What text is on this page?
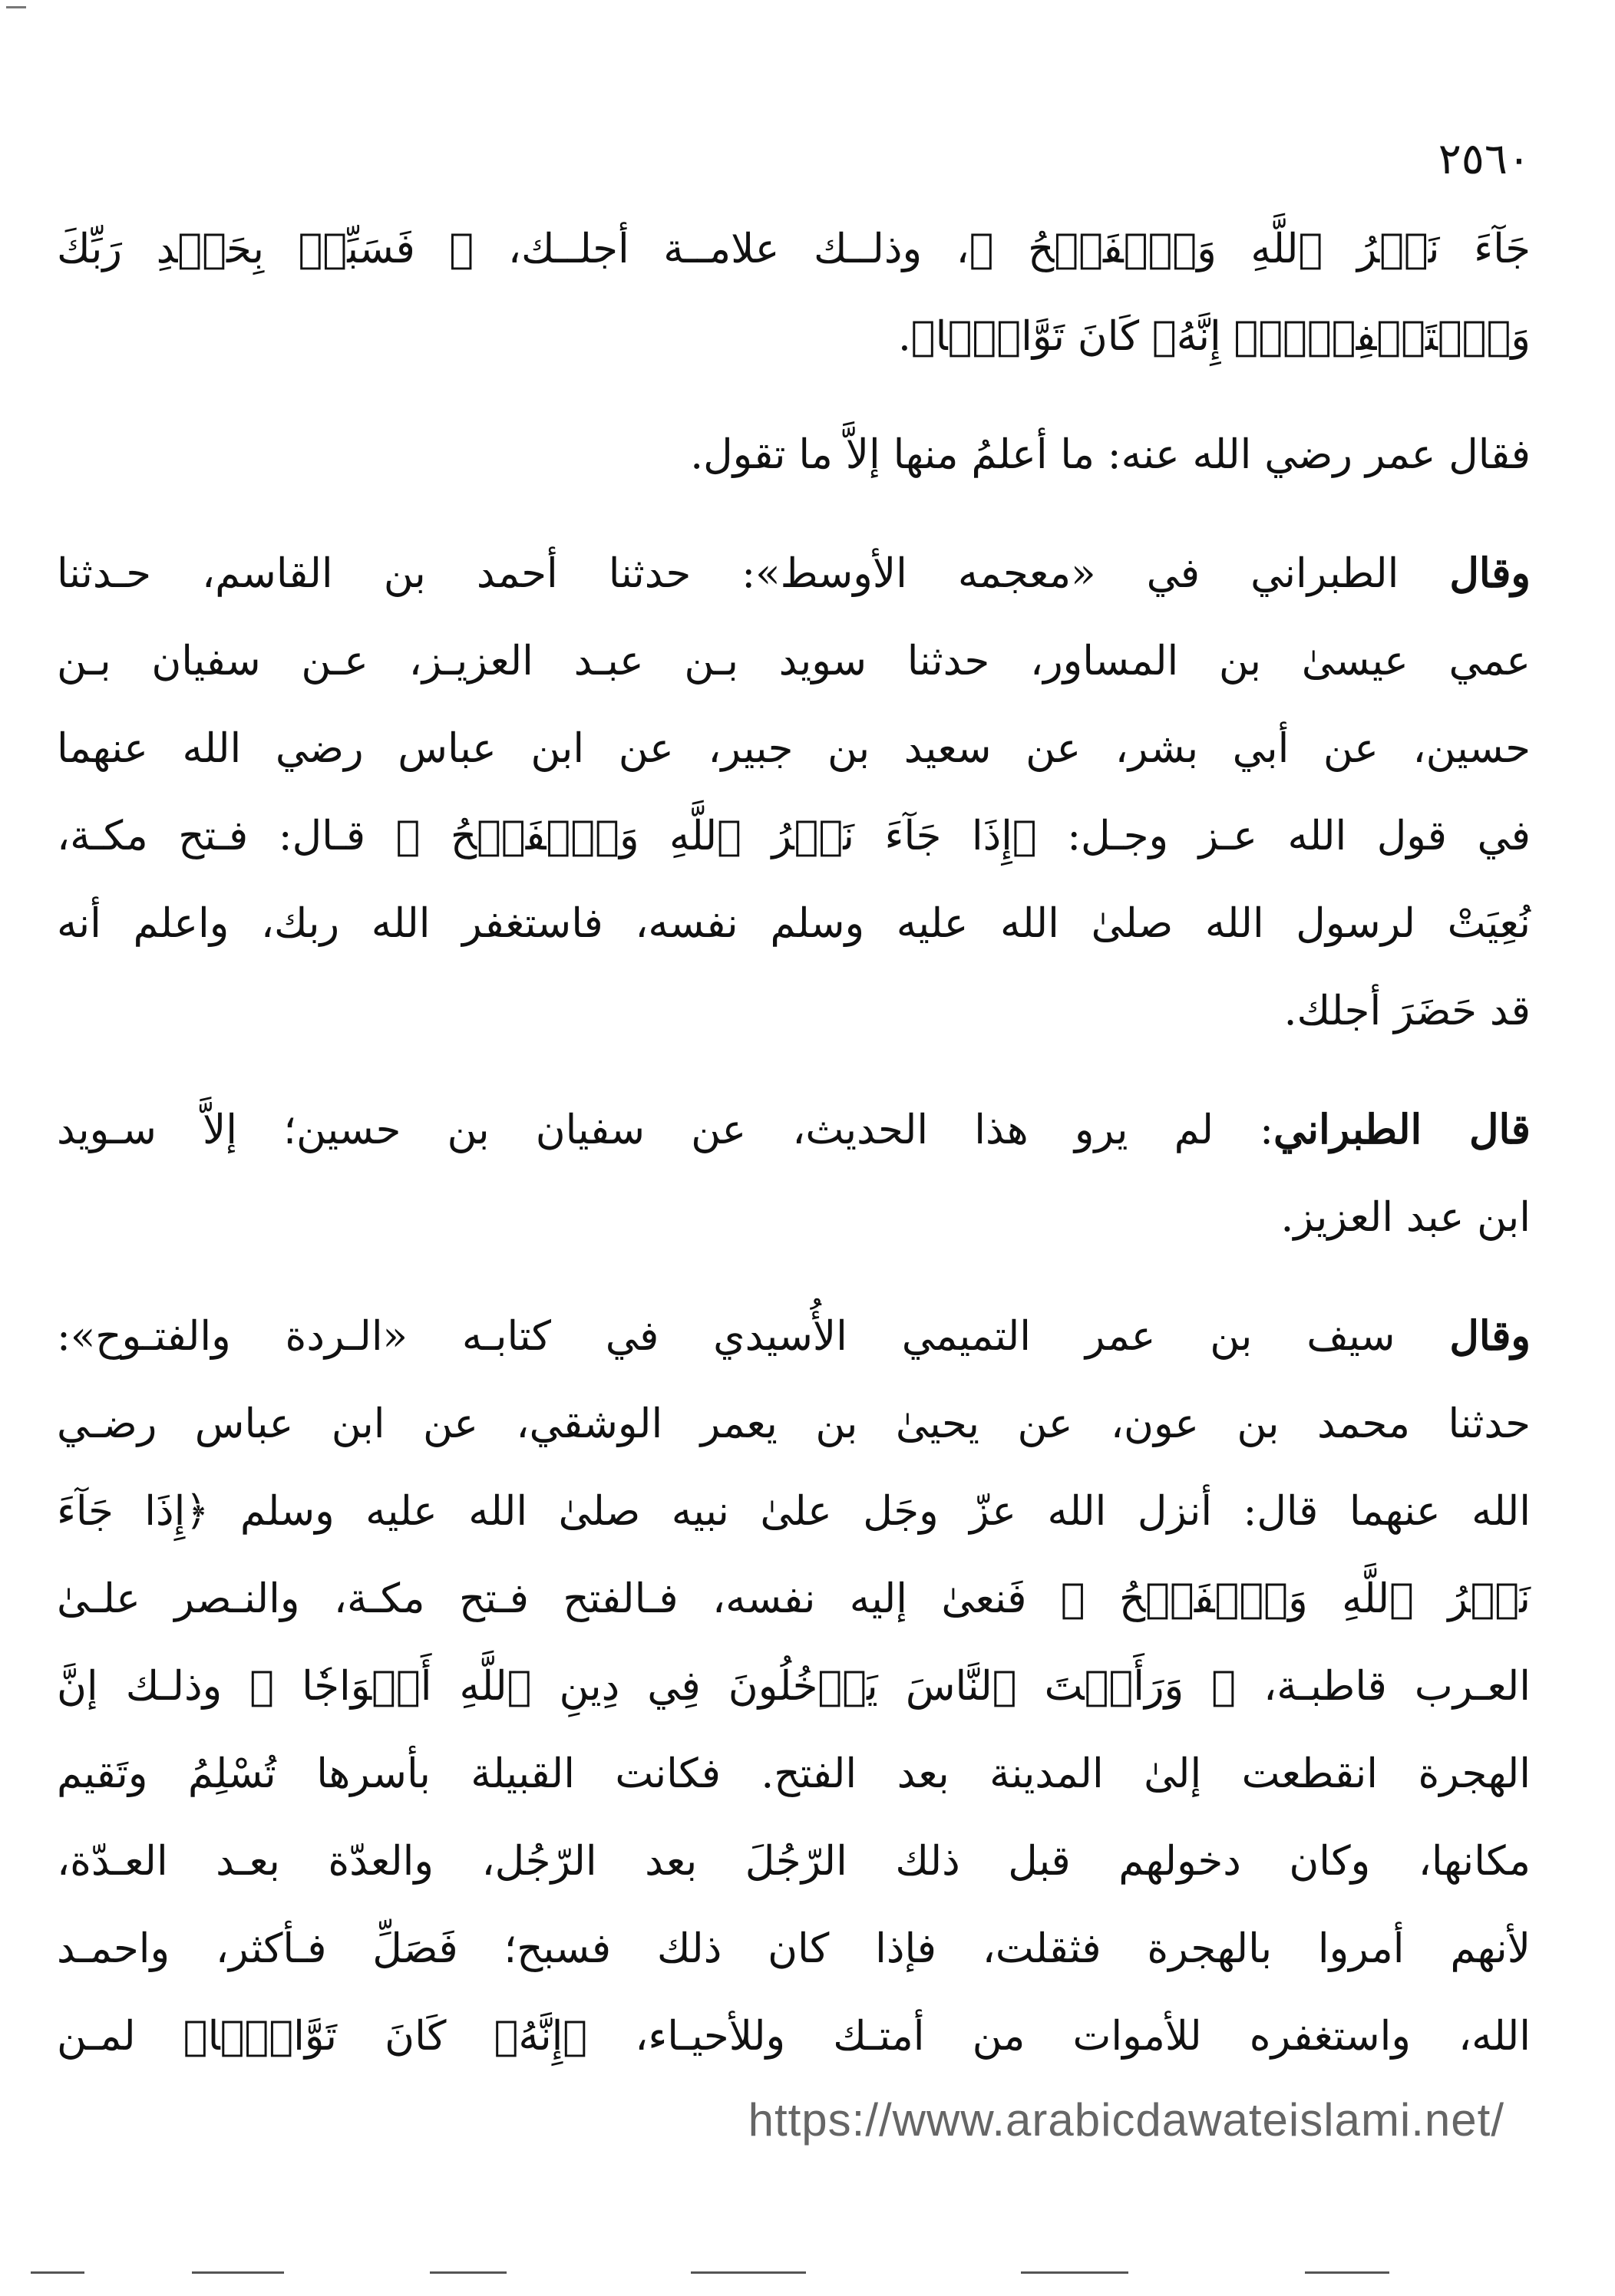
٢٥٦٠

جَآءَ نَصۡرُ ٱللَّهِ وَٱلۡفَتۡحُ ﴾، وذلــك علامــة أجلــك، ﴿ فَسَبِّحۡ بِحَمۡدِ رَبِّكَ
وَٱسۡتَغۡفِرۡهُۚ إِنَّهُۥ كَانَ تَوَّابَۢا﴾.

فقال عمر رضي الله عنه: ما أعلمُ منها إلاَّ ما تقول.

وقال الطبراني في «معجمه الأوسط»: حدثنا أحمد بن القاسم، حـدثنا
عمي عيسىٰ بن المساور، حدثنا سويد بـن عبـد العزيـز، عـن سفيان بـن
حسين، عن أبي بشر، عن سعيد بن جبير، عن ابن عباس رضي الله عنهما
في قول الله عـز وجـل: ﴿إِذَا جَآءَ نَصۡرُ ٱللَّهِ وَٱلۡفَتۡحُ ﴾ قـال: فـتح مكـة،
نُعِيَتْ لرسول الله صلىٰ الله عليه وسلم نفسه، فاستغفر الله ربك، واعلم أنه
قد حَضَرَ أجلك.

قال الطبراني: لم يرو هذا الحديث، عن سفيان بن حسين؛ إلاَّ سـويد
ابن عبد العزيز.

وقال سيف بن عمر التميمي الأُسيدي في كتابـه «الـردة والفتـوح»:
حدثنا محمد بن عون، عن يحيىٰ بن يعمر الوشقي، عن ابن عباس رضـي
الله عنهما قال: أنزل الله عزّ وجَل علىٰ نبيه صلىٰ الله عليه وسلم ﴿إِذَا جَآءَ
نَصۡرُ ٱللَّهِ وَٱلۡفَتۡحُ ﴾ فَنعىٰ إليه نفسه، فـالفتح فـتح مكـة، والنـصر علـىٰ
العـرب قاطبـة، ﴿ وَرَأَيۡتَ ٱلنَّاسَ يَدۡخُلُونَ فِي دِينِ ٱللَّهِ أَفۡوَاجٗا ﴾ وذلـك إنَّ
الهجرة انقطعت إلىٰ المدينة بعد الفتح. فكانت القبيلة بأسرها تُسْلِمُ وتَقيم
مكانها، وكان دخولهم قبل ذلك الرّجُلَ بعد الرّجُل، والعدّة بعـد العـدّة،
لأنهم أمروا بالهجرة فثقلت، فإذا كان ذلك فسبح؛ فَصَلِّ فـأكثر، واحمـد
الله، واستغفره للأموات من أمتـك وللأحيـاء، ﴿إِنَّهُۥ كَانَ تَوَّابَۢا﴾ لمـن

https://www.arabicdawateislami.net/
